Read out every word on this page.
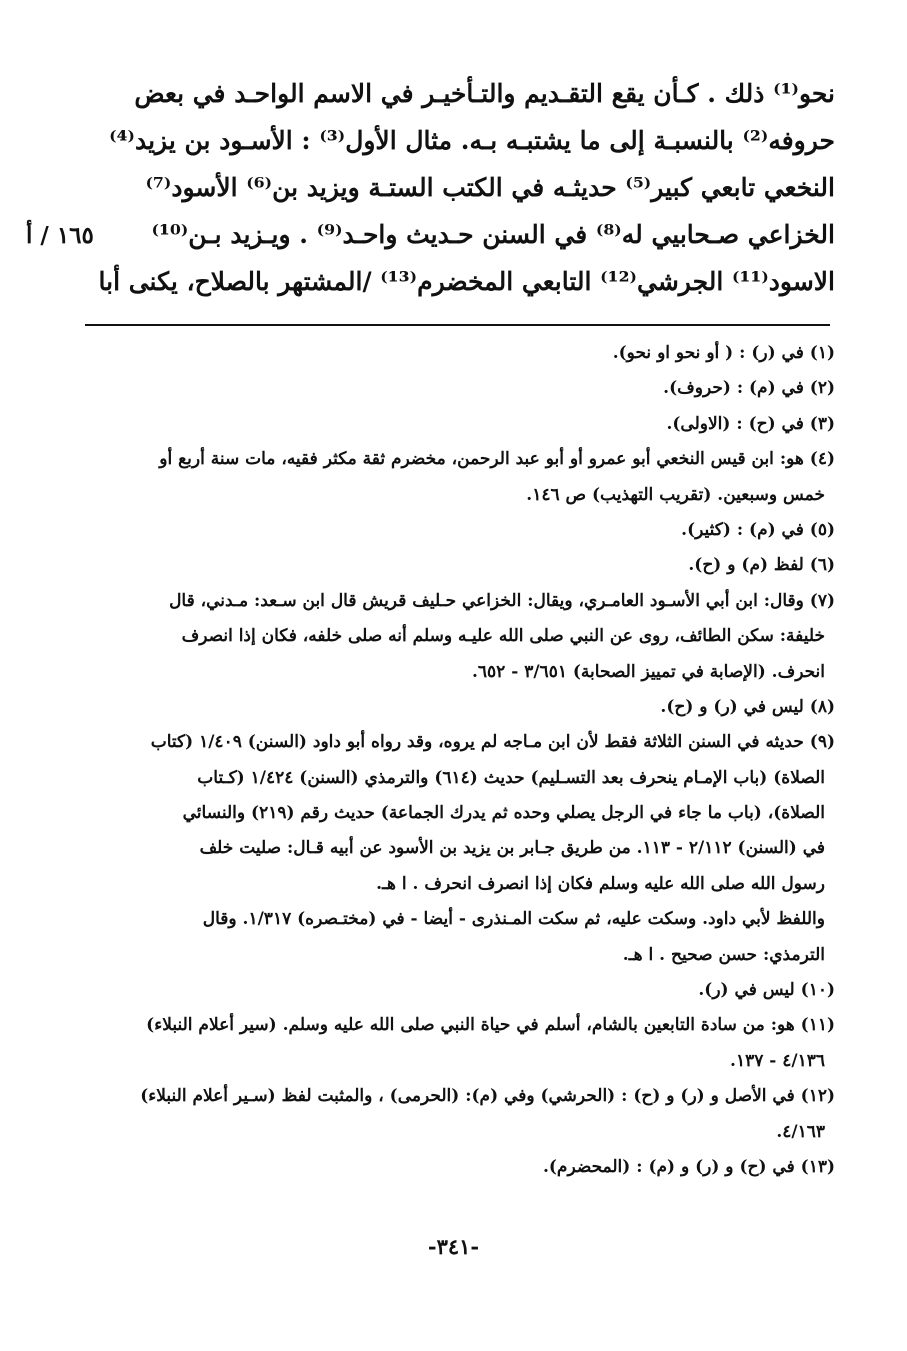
نحو⁽¹⁾ ذلك . كـأن يقع التقـديم والتـأخيـر في الاسم الواحـد في بعض
حروفه⁽²⁾ بالنسبـة إلى ما يشتبـه بـه. مثال الأول⁽³⁾ : الأسـود بن يزيد⁽⁴⁾
النخعي تابعي كبير⁽⁵⁾ حديثـه في الكتب الستـة ويزيد بن⁽⁶⁾ الأسود⁽⁷⁾
الخزاعي صـحابيي له⁽⁸⁾ في السنن حـديث واحـد⁽⁹⁾ . ويـزيد بـن⁽¹⁰⁾
الاسود⁽¹¹⁾ الجرشي⁽¹²⁾ التابعي المخضرم⁽¹³⁾ /المشتهر بالصلاح، يكنى أبا
١٦٥ / أ
(١) في (ر) : ( أو نحو او نحو).
(٢) في (م) : (حروف).
(٣) في (ح) : (الاولى).
(٤) هو: ابن قيس النخعي أبو عمرو أو أبو عبد الرحمن، مخضرم ثقة مكثر فقيه، مات سنة أربع أو
خمس وسبعين. (تقريب التهذيب) ص ١٤٦.
(٥) في (م) : (كثير).
(٦) لفظ (م) و (ح).
(٧) وقال: ابن أبي الأسـود العامـري، ويقال: الخزاعي حـليف قريش قال ابن سـعد: مـدني، قال
خليفة: سكن الطائف، روى عن النبي صلى الله عليـه وسلم أنه صلى خلفه، فكان إذا انصرف
انحرف. (الإصابة في تمييز الصحابة) ٣/٦٥١ - ٦٥٢.
(٨) ليس في (ر) و (ح).
(٩) حديثه في السنن الثلاثة فقط لأن ابن مـاجه لم يروه، وقد رواه أبو داود (السنن) ١/٤٠٩ (كتاب
الصلاة) (باب الإمـام ينحرف بعد التسـليم) حديث (٦١٤) والترمذي (السنن) ١/٤٢٤ (كـتاب
الصلاة)، (باب ما جاء في الرجل يصلي وحده ثم يدرك الجماعة) حديث رقم (٢١٩) والنسائي
في (السنن) ٢/١١٢ - ١١٣. من طريق جـابر بن يزيد بن الأسود عن أبيه قـال: صليت خلف
رسول الله صلى الله عليه وسلم فكان إذا انصرف انحرف . ا هـ.
واللفظ لأبي داود. وسكت عليه، ثم سكت المـنذرى - أيضا - في (مختـصره) ١/٣١٧. وقال
الترمذي: حسن صحيح . ا هـ.
(١٠) ليس في (ر).
(١١) هو: من سادة التابعين بالشام، أسلم في حياة النبي صلى الله عليه وسلم. (سير أعلام النبلاء)
٤/١٣٦ - ١٣٧.
(١٢) في الأصل و (ر) و (ح) : (الحرشي) وفي (م): (الحرمى) ، والمثبت لفظ (سـير أعلام النبلاء)
٤/١٦٣.
(١٣) في (ح) و (ر) و (م) : (المحضرم).
-٣٤١-
